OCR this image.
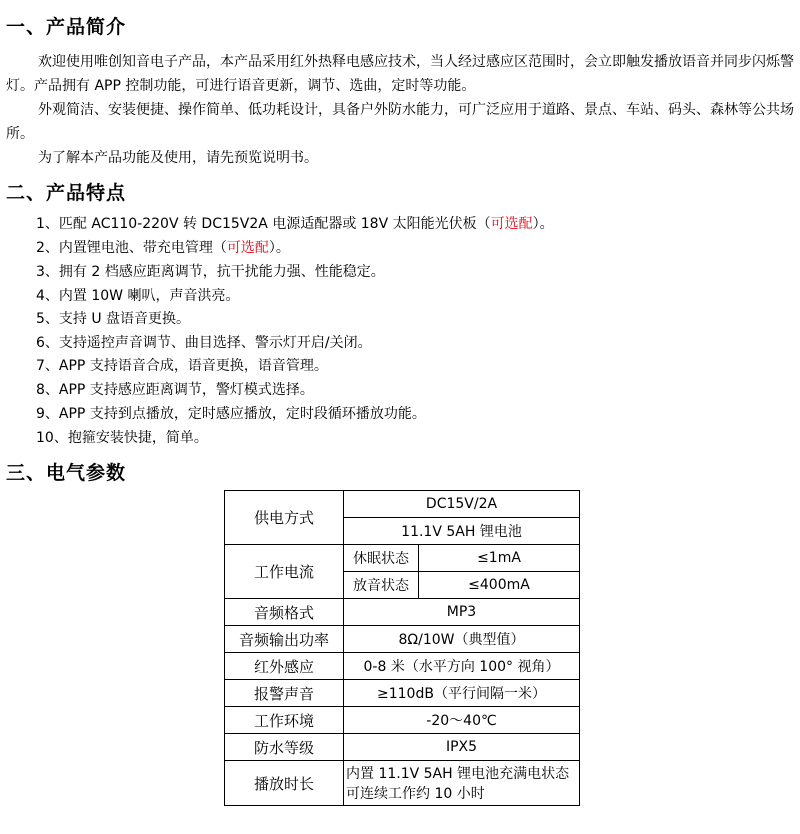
一、产品简介

欢迎使用唯创知音电子产品，本产品采用红外热释电感应技术，当人经过感应区范围时，会立即触发播放语音并同步闪烁警灯。产品拥有 APP 控制功能，可进行语音更新，调节、选曲，定时等功能。

外观简洁、安装便捷、操作简单、低功耗设计，具备户外防水能力，可广泛应用于道路、景点、车站、码头、森林等公共场所。

为了解本产品功能及使用，请先预览说明书。

二、产品特点
1、匹配 AC110-220V 转 DC15V2A 电源适配器或 18V 太阳能光伏板（可选配）。
2、内置锂电池、带充电管理（可选配）。
3、拥有 2 档感应距离调节，抗干扰能力强、性能稳定。
4、内置 10W 喇叭，声音洪亮。
5、支持 U 盘语音更换。
6、支持遥控声音调节、曲目选择、警示灯开启/关闭。
7、APP 支持语音合成，语音更换，语音管理。
8、APP 支持感应距离调节，警灯模式选择。
9、APP 支持到点播放，定时感应播放，定时段循环播放功能。
10、抱箍安装快捷，简单。
三、电气参数
供电方式	DC15V/2A	
	11.1V 5AH 锂电池	
工作电流	休眠状态	≤1mA
	放音状态	≤400mA
音频格式	MP3	
音频输出功率	8Ω/10W（典型值）	
红外感应	0-8 米（水平方向 100° 视角）	
报警声音	≥110dB（平行间隔一米）	
工作环境	-20～40℃	
防水等级	IPX5	
播放时长	内置 11.1V 5AH 锂电池充满电状态可连续工作约 10 小时	
